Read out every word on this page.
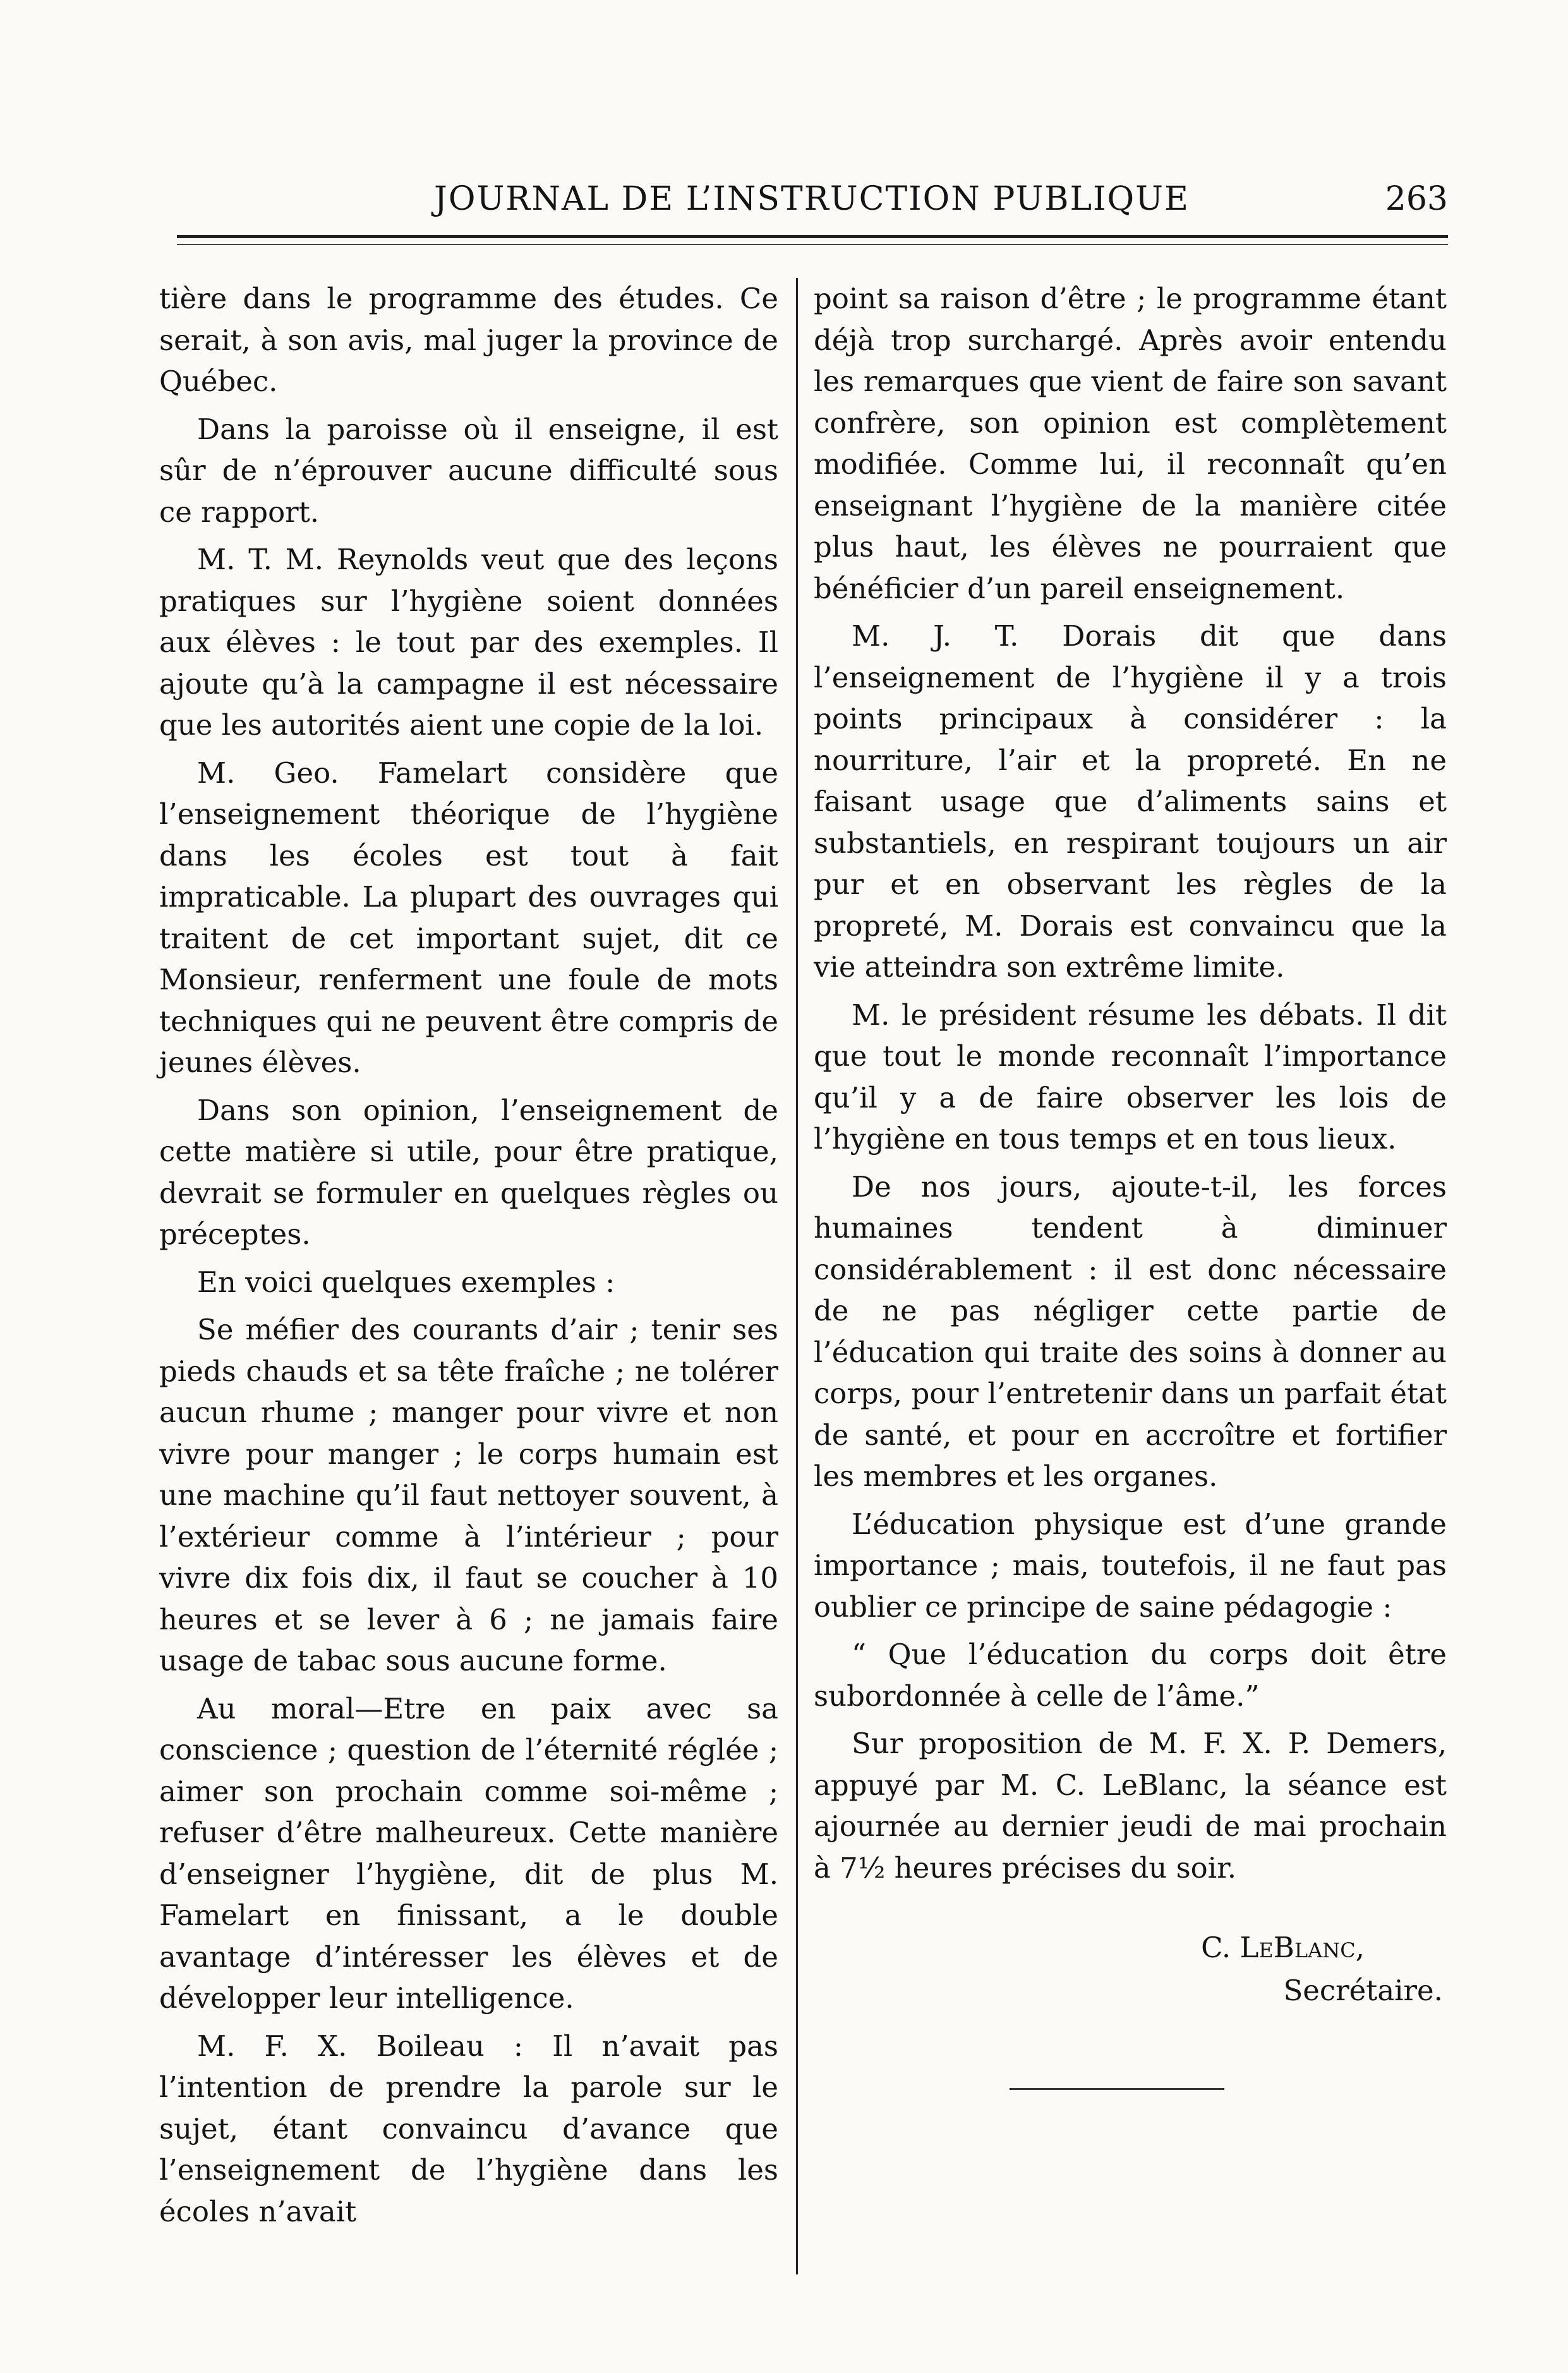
JOURNAL DE L’INSTRUCTION PUBLIQUE	263

tière dans le programme des études. Ce serait, à son avis, mal juger la province de Québec.

Dans la paroisse où il enseigne, il est sûr de n’éprouver aucune difficulté sous ce rapport.

M. T. M. Reynolds veut que des leçons pratiques sur l’hygiène soient données aux élèves : le tout par des exemples. Il ajoute qu’à la campagne il est nécessaire que les autorités aient une copie de la loi.

M. Geo. Famelart considère que l’enseignement théorique de l’hygiène dans les écoles est tout à fait impraticable. La plupart des ouvrages qui traitent de cet important sujet, dit ce Monsieur, renferment une foule de mots techniques qui ne peuvent être compris de jeunes élèves.

Dans son opinion, l’enseignement de cette matière si utile, pour être pratique, devrait se formuler en quelques règles ou préceptes.

En voici quelques exemples :

Se méfier des courants d’air ; tenir ses pieds chauds et sa tête fraîche ; ne tolérer aucun rhume ; manger pour vivre et non vivre pour manger ; le corps humain est une machine qu’il faut nettoyer souvent, à l’extérieur comme à l’intérieur ; pour vivre dix fois dix, il faut se coucher à 10 heures et se lever à 6 ; ne jamais faire usage de tabac sous aucune forme.

Au moral—Etre en paix avec sa conscience ; question de l’éternité réglée ; aimer son prochain comme soi-même ; refuser d’être malheureux. Cette manière d’enseigner l’hygiène, dit de plus M. Famelart en finissant, a le double avantage d’intéresser les élèves et de développer leur intelligence.

M. F. X. Boileau : Il n’avait pas l’intention de prendre la parole sur le sujet, étant convaincu d’avance que l’enseignement de l’hygiène dans les écoles n’avait

point sa raison d’être ; le programme étant déjà trop surchargé. Après avoir entendu les remarques que vient de faire son savant confrère, son opinion est complètement modifiée. Comme lui, il reconnaît qu’en enseignant l’hygiène de la manière citée plus haut, les élèves ne pourraient que bénéficier d’un pareil enseignement.

M. J. T. Dorais dit que dans l’enseignement de l’hygiène il y a trois points principaux à considérer : la nourriture, l’air et la propreté. En ne faisant usage que d’aliments sains et substantiels, en respirant toujours un air pur et en observant les règles de la propreté, M. Dorais est convaincu que la vie atteindra son extrême limite.

M. le président résume les débats. Il dit que tout le monde reconnaît l’importance qu’il y a de faire observer les lois de l’hygiène en tous temps et en tous lieux.

De nos jours, ajoute-t-il, les forces humaines tendent à diminuer considérablement : il est donc nécessaire de ne pas négliger cette partie de l’éducation qui traite des soins à donner au corps, pour l’entretenir dans un parfait état de santé, et pour en accroître et fortifier les membres et les organes.

L’éducation physique est d’une grande importance ; mais, toutefois, il ne faut pas oublier ce principe de saine pédagogie :

“ Que l’éducation du corps doit être subordonnée à celle de l’âme.”

Sur proposition de M. F. X. P. Demers, appuyé par M. C. LeBlanc, la séance est ajournée au dernier jeudi de mai prochain à 7½ heures précises du soir.

C. LeBlanc,
Secrétaire.
